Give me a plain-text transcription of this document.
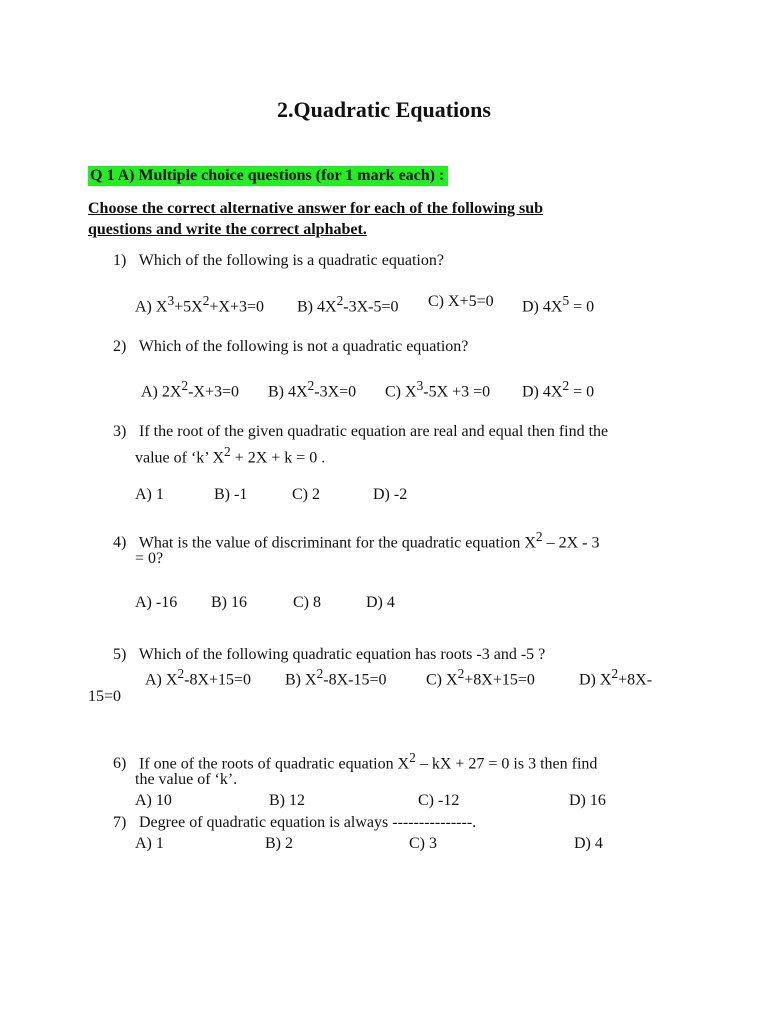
2.Quadratic Equations
Q 1 A) Multiple choice questions (for 1 mark each) :
Choose the correct alternative answer for each of the following sub
questions and write the correct alphabet.
1) Which of the following is a quadratic equation?
A) $X^3+5X^2+X+3=0$ B) $4X^2-3X-5=0$ C) X+5=0 D) $4X^5 = 0$
2) Which of the following is not a quadratic equation?
A) $2X^2-X+3=0$ B) $4X^2-3X=0$ C) $X^3-5X +3 =0$ D) $4X^2 = 0$
3) If the root of the given quadratic equation are real and equal then find the
value of ‘k’ $X^2 + 2X + k = 0$ .
A) 1	B) -1	C) 2	D) -2
4) What is the value of discriminant for the quadratic equation $X^2 - 2X - 3$
= 0?
A) -16 B) 16	C) 8	D) 4
5) Which of the following quadratic equation has roots -3 and -5 ?
A) $X^2-8X+15=0$ B) $X^2-8X-15=0$ C) $X^2+8X+15=0$	D) $X^2+8X-$
15=0
6) If one of the roots of quadratic equation $X^2$ – kX + 27 = 0 is 3 then find
the value of ‘k’.
A) 10	B) 12	C) -12	D) 16
7) Degree of quadratic equation is always ---------------.
A) 1	B) 2	C) 3	D) 4
